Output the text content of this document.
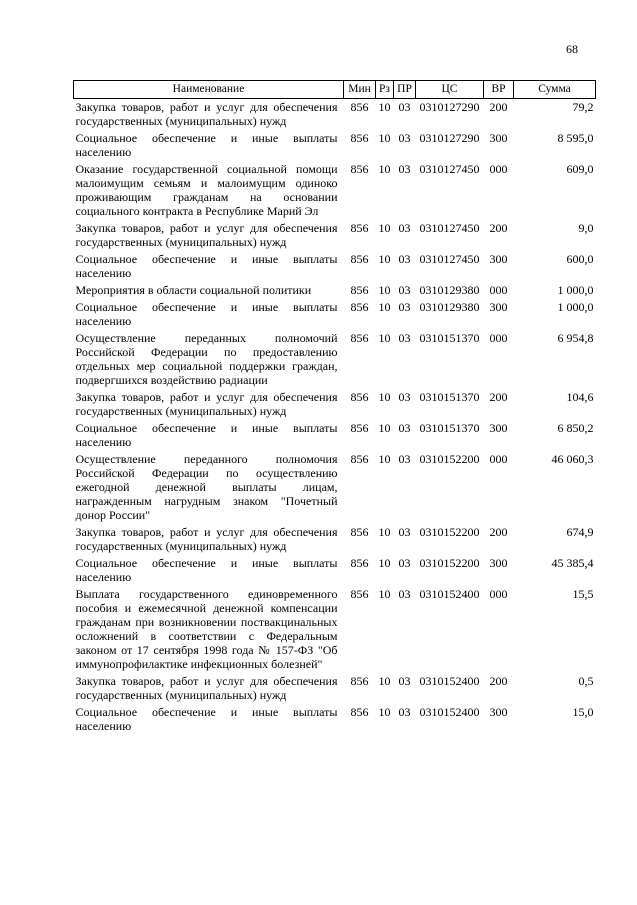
68
Наименование	Мин	Рз	ПР	ЦС	ВР	Сумма
Закупка товаров, работ и услуг для обеспечения государственных (муниципальных) нужд	856	10	03	0310127290	200	79,2
Социальное обеспечение и иные выплаты населению	856	10	03	0310127290	300	8 595,0
Оказание государственной социальной помощи малоимущим семьям и малоимущим одиноко проживающим гражданам на основании социального контракта в Республике Марий Эл	856	10	03	0310127450	000	609,0
Закупка товаров, работ и услуг для обеспечения государственных (муниципальных) нужд	856	10	03	0310127450	200	9,0
Социальное обеспечение и иные выплаты населению	856	10	03	0310127450	300	600,0
Мероприятия в области социальной политики	856	10	03	0310129380	000	1 000,0
Социальное обеспечение и иные выплаты населению	856	10	03	0310129380	300	1 000,0
Осуществление переданных полномочий Российской Федерации по предоставлению отдельных мер социальной поддержки граждан, подвергшихся воздействию радиации	856	10	03	0310151370	000	6 954,8
Закупка товаров, работ и услуг для обеспечения государственных (муниципальных) нужд	856	10	03	0310151370	200	104,6
Социальное обеспечение и иные выплаты населению	856	10	03	0310151370	300	6 850,2
Осуществление переданного полномочия Российской Федерации по осуществлению ежегодной денежной выплаты лицам, награжденным нагрудным знаком "Почетный донор России"	856	10	03	0310152200	000	46 060,3
Закупка товаров, работ и услуг для обеспечения государственных (муниципальных) нужд	856	10	03	0310152200	200	674,9
Социальное обеспечение и иные выплаты населению	856	10	03	0310152200	300	45 385,4
Выплата государственного единовременного пособия и ежемесячной денежной компенсации гражданам при возникновении поствакцинальных осложнений в соответствии с Федеральным законом от 17 сентября 1998 года № 157-ФЗ "Об иммунопрофилактике инфекционных болезней"	856	10	03	0310152400	000	15,5
Закупка товаров, работ и услуг для обеспечения государственных (муниципальных) нужд	856	10	03	0310152400	200	0,5
Социальное обеспечение и иные выплаты населению	856	10	03	0310152400	300	15,0
